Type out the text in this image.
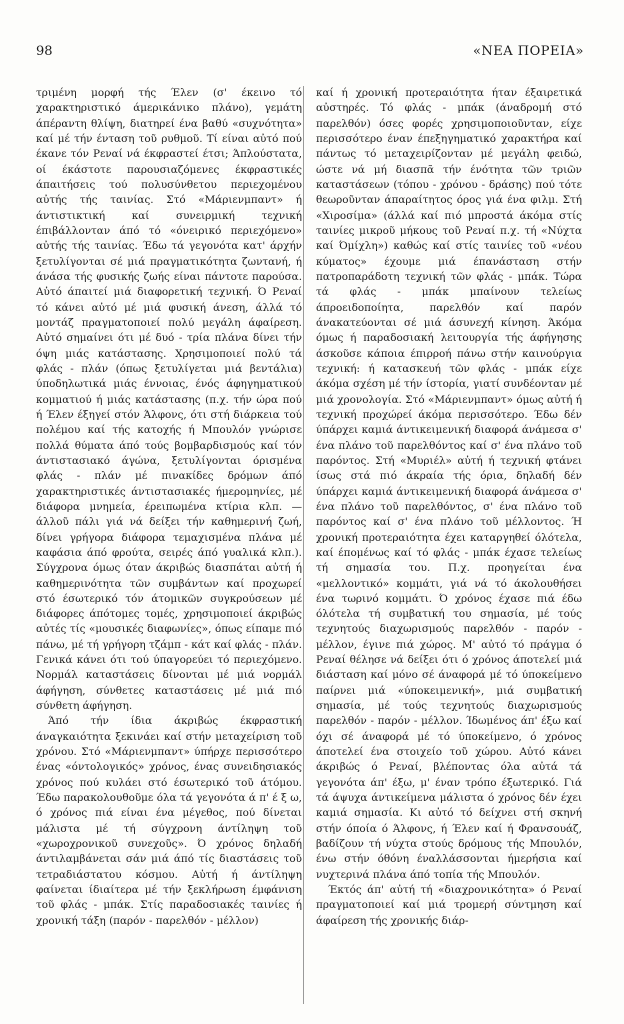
98	«ΝΕΑ ΠΟΡΕΙΑ»

τριμένη μορφή τής Έλεν (σ' έκεινο τό χαρακτηριστικό άμερικάνικο πλάνο), γεμάτη άπέραντη θλίψη, διατηρεί ένα βαθύ «συχνότητα» καί μέ τήν ένταση τοῦ ρυθμοῦ. Τί είναι αὐτό πού έκανε τόν Ρεναί νά έκφραστεί έτσι; Άπλούστατα, οί έκάστοτε παρουσιαζόμενες έκφραστικές άπαιτήσεις τού πολυσύνθετου περιεχομένου αὐτής τής ταινίας. Στό «Μάριενμπαντ» ή άντιστικτική καί συνειρμική τεχνική έπιβάλλονταν άπό τό «όνειρικό περιεχόμενο» αὐτής τής ταινίας. Έδω τά γεγονότα κατ' άρχήν ξετυλίγονται σέ μιά πραγματικότητα ζωντανή, ή άνάσα τής φυσικής ζωής είναι πάντοτε παρούσα. Αὐτό άπαιτεί μιά διαφορετική τεχνική. Ό Ρεναί τό κάνει αὐτό μέ μιά φυσική άνεση, άλλά τό μοντάζ πραγματοποιεί πολύ μεγάλη άφαίρεση. Αὐτό σημαίνει ότι μέ δυό - τρία πλάνα δίνει τήν όψη μιάς κατάστασης. Χρησιμοποιεί πολύ τά φλάς - πλάν (όπως ξετυλίγεται μιά βεντάλια) ύποδηλωτικά μιάς έννοιας, ένός άφηγηματικού κομματιού ή μιάς κατάστασης (π.χ. τήν ώρα πού ή Έλεν έξηγεί στόν Άλφονς, ότι στή διάρκεια τού πολέμου καί τής κατοχής ή Μπουλόν γνώρισε πολλά θύματα άπό τούς βομβαρδισμούς καί τόν άντιστασιακό άγώνα, ξετυλίγονται όρισμένα φλάς - πλάν μέ πινακίδες δρόμων άπό χαρακτηριστικές άντιστασιακές ήμερομηνίες, μέ διάφορα μνημεία, έρειπωμένα κτίρια κλπ. — άλλοῦ πάλι γιά νά δείξει τήν καθημερινή ζωή, δίνει γρήγορα διάφορα τεμαχισμένα πλάνα μέ καφάσια άπό φρούτα, σειρές άπό γυαλικά κλπ.). Σύγχρονα όμως όταν άκριβώς διασπάται αὐτή ή καθημερινότητα τῶν συμβάντων καί προχωρεί στό έσωτερικό τόν άτομικῶν συγκρούσεων μέ διάφορες άπότομες τομές, χρησιμοποιεί άκριβώς αὐτές τίς «μουσικές διαφωνίες», όπως είπαμε πιό πάνω, μέ τή γρήγορη τζάμπ - κάτ καί φλάς - πλάν. Γενικά κάνει ότι τού ύπαγορεύει τό περιεχόμενο. Νορμάλ καταστάσεις δίνονται μέ μιά νορμάλ άφήγηση, σύνθετες καταστάσεις μέ μιά πιό σύνθετη άφήγηση.

Άπό τήν ίδια άκριβώς έκφραστική άναγκαιότητα ξεκινάει καί στήν μεταχείριση τοῦ χρόνου. Στό «Μάριενμπαντ» ύπήρχε περισσότερο ένας «όντολογικός» χρόνος, ένας συνειδησιακός χρόνος πού κυλάει στό έσωτερικό τοῦ άτόμου. Έδω παρακολουθοῦμε όλα τά γεγονότα ά π' έ ξ ω, ό χρόνος πιά είναι ένα μέγεθος, πού δίνεται μάλιστα μέ τή σύγχρονη άντίληψη τοῦ «χωροχρονικοῦ συνεχοῦς». Ό χρόνος δηλαδή άντιλαμβάνεται σάν μιά άπό τίς διαστάσεις τοῦ τετραδιάστατου κόσμου. Αὐτή ή άντίληψη φαίνεται ίδιαίτερα μέ τήν ξεκλήρωση έμφάνιση τοῦ φλάς - μπάκ. Στίς παραδοσιακές ταινίες ή χρονική τάξη (παρόν - παρελθόν - μέλλον)

καί ή χρονική προτεραιότητα ήταν έξαιρετικά αὐστηρές. Τό φλάς - μπάκ (άναδρομή στό παρελθόν) όσες φορές χρησιμοποιοῦνταν, είχε περισσότερο έναν έπεξηγηματικό χαρακτήρα καί πάντως τό μεταχειρίζονταν μέ μεγάλη φειδώ, ώστε νά μή διασπᾶ τήν ένότητα τῶν τριῶν καταστάσεων (τόπου - χρόνου - δράσης) πού τότε θεωροῦνταν άπαραίτητος όρος γιά ένα φιλμ. Στή «Χιροσίμα» (άλλά καί πιό μπροστά άκόμα στίς ταινίες μικροῦ μήκους τοῦ Ρεναί π.χ. τή «Νύχτα καί Όμίχλη») καθώς καί στίς ταινίες τοῦ «νέου κύματος» έχουμε μιά έπανάσταση στήν πατροπαράδοτη τεχνική τῶν φλάς - μπάκ. Τώρα τά φλάς - μπάκ μπαίνουν τελείως άπροειδοποίητα, παρελθόν καί παρόν άνακατεύονται σέ μιά άσυνεχή κίνηση. Άκόμα όμως ή παραδοσιακή λειτουργία τής άφήγησης άσκοῦσε κάποια έπιρροή πάνω στήν καινούργια τεχνική: ή κατασκευή τῶν φλάς - μπάκ είχε άκόμα σχέση μέ τήν ίστορία, γιατί συνδέονταν μέ μιά χρονολογία. Στό «Μάριενμπαντ» όμως αὐτή ή τεχνική προχώρεί άκόμα περισσότερο. Έδω δέν ύπάρχει καμιά άντικειμενική διαφορά άνάμεσα σ' ένα πλάνο τοῦ παρελθόντος καί σ' ένα πλάνο τοῦ παρόντος. Στή «Μυριέλ» αὐτή ή τεχνική φτάνει ίσως στά πιό άκραία τής όρια, δηλαδή δέν ύπάρχει καμιά άντικειμενική διαφορά άνάμεσα σ' ένα πλάνο τοῦ παρελθόντος, σ' ένα πλάνο τοῦ παρόντος καί σ' ένα πλάνο τοῦ μέλλοντος. Ή χρονική προτεραιότητα έχει καταργηθεί όλότελα, καί έπομένως καί τό φλάς - μπάκ έχασε τελείως τή σημασία του. Π.χ. προηγείται ένα «μελλοντικό» κομμάτι, γιά νά τό άκολουθήσει ένα τωρινό κομμάτι. Ό χρόνος έχασε πιά έδω όλότελα τή συμβατική του σημασία, μέ τούς τεχνητούς διαχωρισμούς παρελθόν - παρόν - μέλλον, έγινε πιά χώρος. Μ' αὐτό τό πράγμα ό Ρεναί θέλησε νά δείξει ότι ό χρόνος άποτελεί μιά διάσταση καί μόνο σέ άναφορά μέ τό ύποκείμενο παίρνει μιά «ύποκειμενική», μιά συμβατική σημασία, μέ τούς τεχνητούς διαχωρισμούς παρελθόν - παρόν - μέλλον. Ίδωμένος άπ' έξω καί όχι σέ άναφορά μέ τό ύποκείμενο, ό χρόνος άποτελεί ένα στοιχείο τοῦ χώρου. Αὐτό κάνει άκριβώς ό Ρεναί, βλέποντας όλα αὐτά τά γεγονότα άπ' έξω, μ' έναν τρόπο έξωτερικό. Γιά τά άψυχα άντικείμενα μάλιστα ό χρόνος δέν έχει καμιά σημασία. Κι αὐτό τό δείχνει στή σκηνή στήν όποία ό Άλφονς, ή Έλεν καί ή Φρανσουάζ, βαδίζουν τή νύχτα στούς δρόμους τής Μπουλόν, ένω στήν όθόνη έναλλάσσονται ήμερήσια καί νυχτερινά πλάνα άπό τοπία τής Μπουλόν.

Έκτός άπ' αὐτή τή «διαχρονικότητα» ό Ρεναί πραγματοποιεί καί μιά τρομερή σύντμηση καί άφαίρεση τής χρονικής διάρ-
